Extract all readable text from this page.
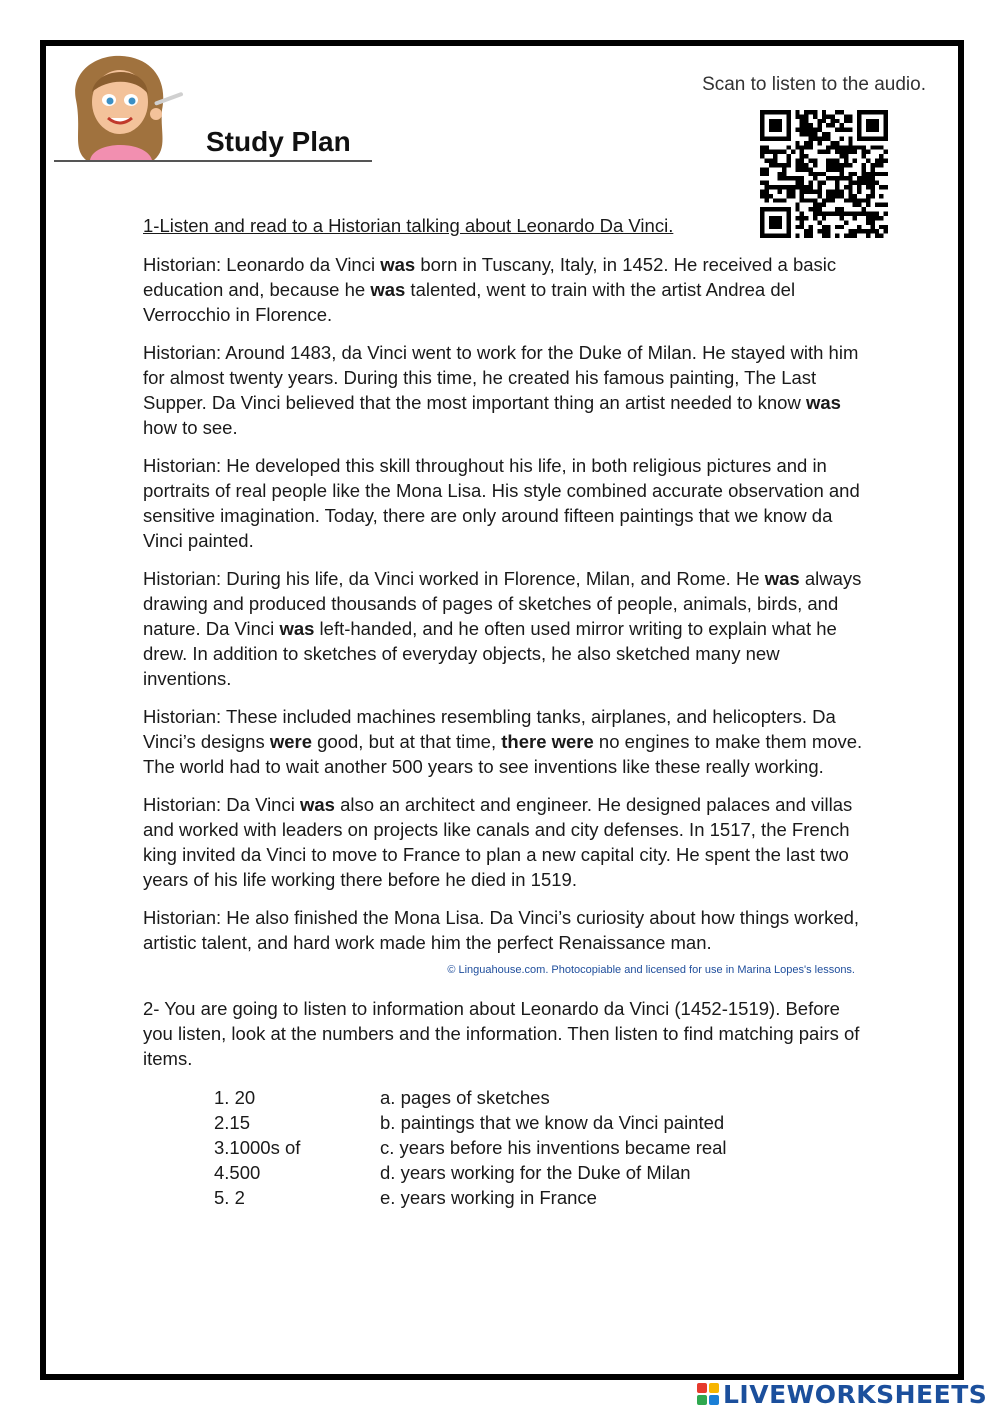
Study Plan
Scan to listen to the audio.

1-Listen and read to a Historian talking about Leonardo Da Vinci.

Historian: Leonardo da Vinci was born in Tuscany, Italy, in 1452. He received a basic education and, because he was talented, went to train with the artist Andrea del Verrocchio in Florence.

Historian: Around 1483, da Vinci went to work for the Duke of Milan. He stayed with him for almost twenty years. During this time, he created his famous painting, The Last Supper. Da Vinci believed that the most important thing an artist needed to know was how to see.

Historian: He developed this skill throughout his life, in both religious pictures and in portraits of real people like the Mona Lisa. His style combined accurate observation and sensitive imagination. Today, there are only around fifteen paintings that we know da Vinci painted.

Historian: During his life, da Vinci worked in Florence, Milan, and Rome. He was always drawing and produced thousands of pages of sketches of people, animals, birds, and nature. Da Vinci was left-handed, and he often used mirror writing to explain what he drew. In addition to sketches of everyday objects, he also sketched many new inventions.

Historian: These included machines resembling tanks, airplanes, and helicopters. Da Vinci’s designs were good, but at that time, there were no engines to make them move. The world had to wait another 500 years to see inventions like these really working.

Historian: Da Vinci was also an architect and engineer. He designed palaces and villas and worked with leaders on projects like canals and city defenses. In 1517, the French king invited da Vinci to move to France to plan a new capital city. He spent the last two years of his life working there before he died in 1519.

Historian: He also finished the Mona Lisa. Da Vinci’s curiosity about how things worked, artistic talent, and hard work made him the perfect Renaissance man.

© Linguahouse.com. Photocopiable and licensed for use in Marina Lopes's lessons.

2- You are going to listen to information about Leonardo da Vinci (1452-1519). Before you listen, look at the numbers and the information. Then listen to find matching pairs of items.

1. 20	a. pages of sketches
2.15	b. paintings that we know da Vinci painted
3.1000s of	c. years before his inventions became real
4.500	d. years working for the Duke of Milan
5. 2	e. years working in France
LIVEWORKSHEETS
